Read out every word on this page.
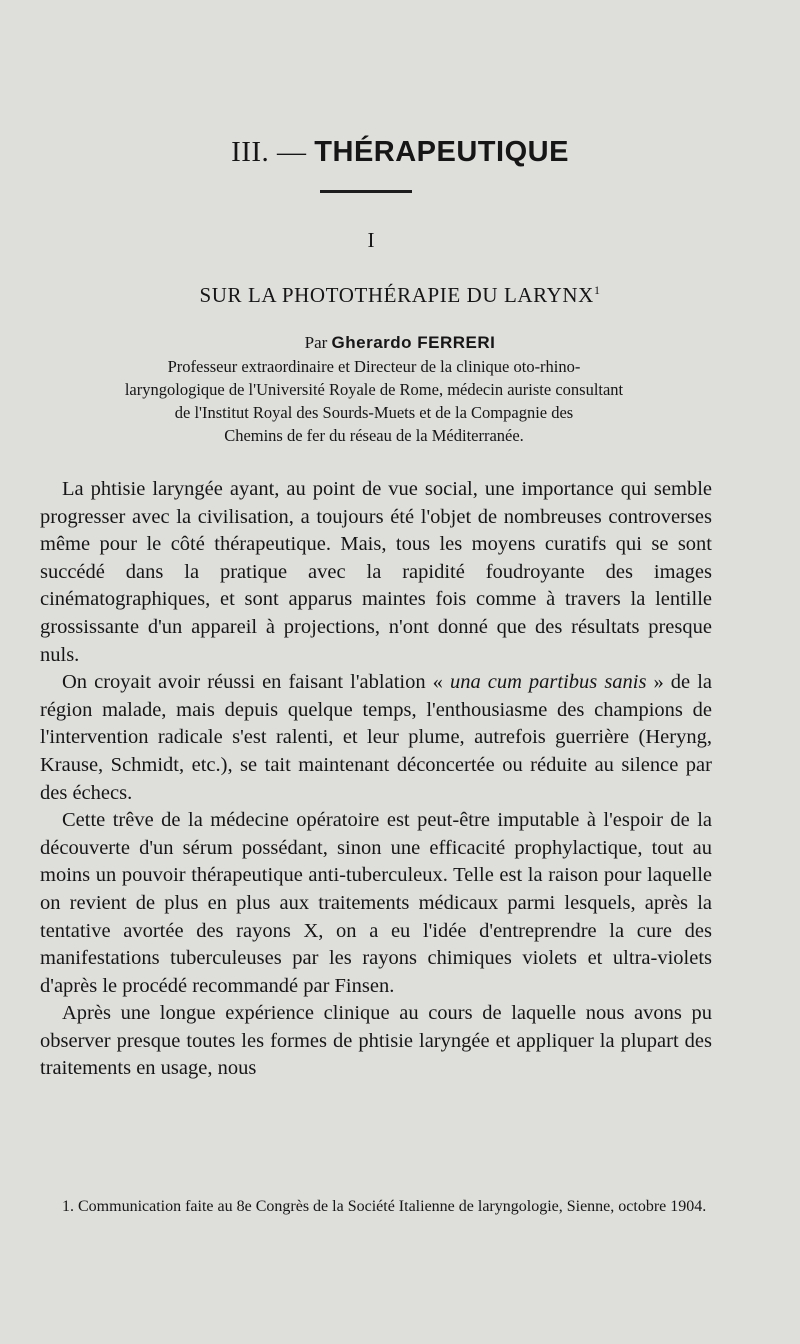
III. — THÉRAPEUTIQUE
I
SUR LA PHOTOTHÉRAPIE DU LARYNX$^1$
Par Gherardo FERRERI
Professeur extraordinaire et Directeur de la clinique oto-rhino-
laryngologique de l'Université Royale de Rome, médecin auriste consultant
de l'Institut Royal des Sourds-Muets et de la Compagnie des
Chemins de fer du réseau de la Méditerranée.

La phtisie laryngée ayant, au point de vue social, une importance qui semble progresser avec la civilisation, a toujours été l'objet de nombreuses controverses même pour le côté thérapeutique. Mais, tous les moyens curatifs qui se sont succédé dans la pratique avec la rapidité foudroyante des images cinématographiques, et sont apparus maintes fois comme à travers la lentille grossissante d'un appareil à projections, n'ont donné que des résultats presque nuls.

On croyait avoir réussi en faisant l'ablation « una cum partibus sanis » de la région malade, mais depuis quelque temps, l'enthousiasme des champions de l'intervention radicale s'est ralenti, et leur plume, autrefois guerrière (Heryng, Krause, Schmidt, etc.), se tait maintenant déconcertée ou réduite au silence par des échecs.

Cette trêve de la médecine opératoire est peut-être imputable à l'espoir de la découverte d'un sérum possédant, sinon une efficacité prophylactique, tout au moins un pouvoir thérapeutique anti-tuberculeux. Telle est la raison pour laquelle on revient de plus en plus aux traitements médicaux parmi lesquels, après la tentative avortée des rayons X, on a eu l'idée d'entreprendre la cure des manifestations tuberculeuses par les rayons chimiques violets et ultra-violets d'après le procédé recommandé par Finsen.

Après une longue expérience clinique au cours de laquelle nous avons pu observer presque toutes les formes de phtisie laryngée et appliquer la plupart des traitements en usage, nous

1. Communication faite au 8e Congrès de la Société Italienne de laryngologie, Sienne, octobre 1904.
